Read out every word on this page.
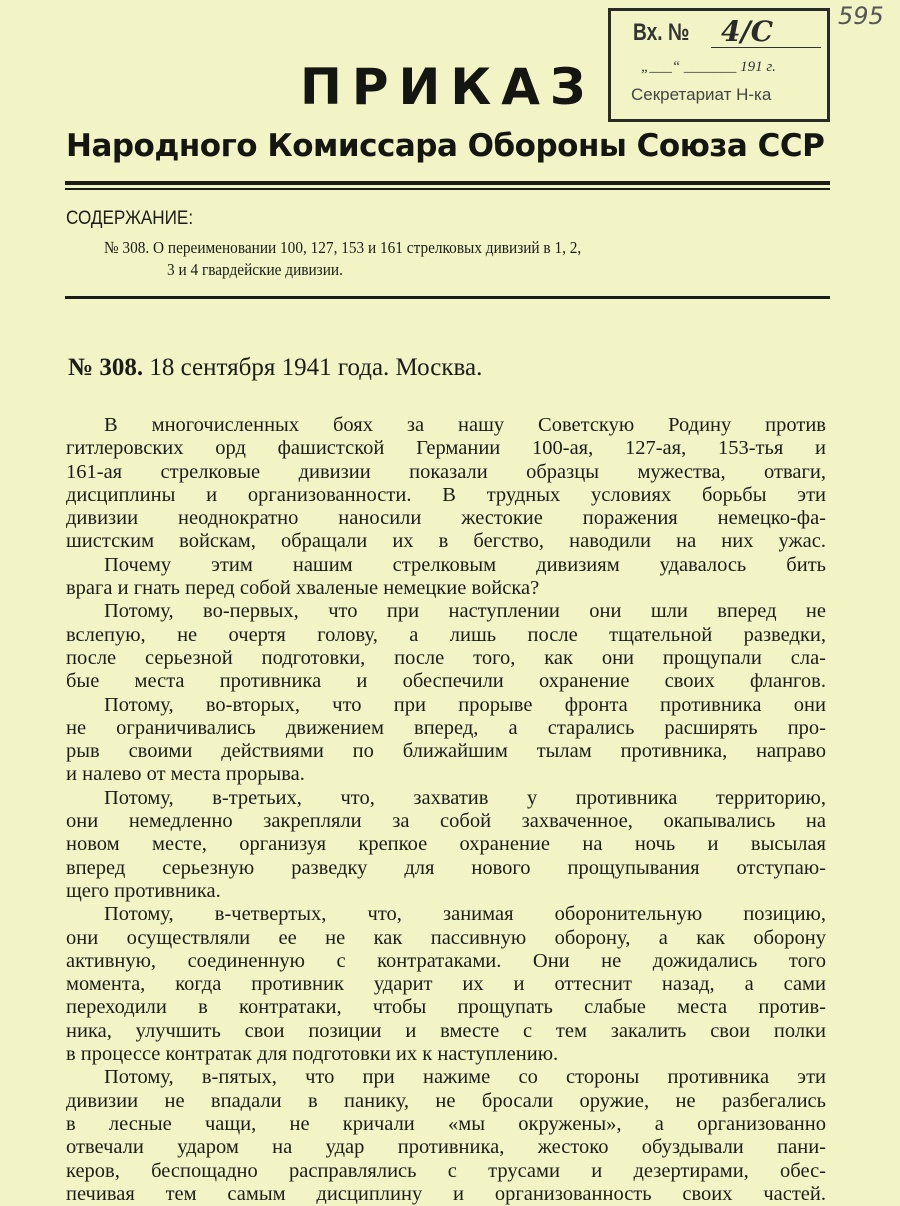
595
ПРИКАЗ
Народного Комиссара Обороны Союза ССР
Вх. № 4/С
„___“ _______ 191 г.
Секретариат Н-ка
СОДЕРЖАНИЕ:
№ 308. О переименовании 100, 127, 153 и 161 стрелковых дивизий в 1, 2,
3 и 4 гвардейские дивизии.
№ 308. 18 сентября 1941 года. Москва.
В многочисленных боях за нашу Советскую Родину против
гитлеровских орд фашистской Германии 100-ая, 127-ая, 153-тья и
161-ая стрелковые дивизии показали образцы мужества, отваги,
дисциплины и организованности. В трудных условиях борьбы эти
дивизии неоднократно наносили жестокие поражения немецко-фа-
шистским войскам, обращали их в бегство, наводили на них ужас.
Почему этим нашим стрелковым дивизиям удавалось бить
врага и гнать перед собой хваленые немецкие войска?
Потому, во-первых, что при наступлении они шли вперед не
вслепую, не очертя голову, а лишь после тщательной разведки,
после серьезной подготовки, после того, как они прощупали сла-
бые места противника и обеспечили охранение своих флангов.
Потому, во-вторых, что при прорыве фронта противника они
не ограничивались движением вперед, а старались расширять про-
рыв своими действиями по ближайшим тылам противника, направо
и налево от места прорыва.
Потому, в-третьих, что, захватив у противника территорию,
они немедленно закрепляли за собой захваченное, окапывались на
новом месте, организуя крепкое охранение на ночь и высылая
вперед серьезную разведку для нового прощупывания отступаю-
щего противника.
Потому, в-четвертых, что, занимая оборонительную позицию,
они осуществляли ее не как пассивную оборону, а как оборону
активную, соединенную с контратаками. Они не дожидались того
момента, когда противник ударит их и оттеснит назад, а сами
переходили в контратаки, чтобы прощупать слабые места против-
ника, улучшить свои позиции и вместе с тем закалить свои полки
в процессе контратак для подготовки их к наступлению.
Потому, в-пятых, что при нажиме со стороны противника эти
дивизии не впадали в панику, не бросали оружие, не разбегались
в лесные чащи, не кричали «мы окружены», а организованно
отвечали ударом на удар противника, жестоко обуздывали пани-
керов, беспощадно расправлялись с трусами и дезертирами, обес-
печивая тем самым дисциплину и организованность своих частей.
